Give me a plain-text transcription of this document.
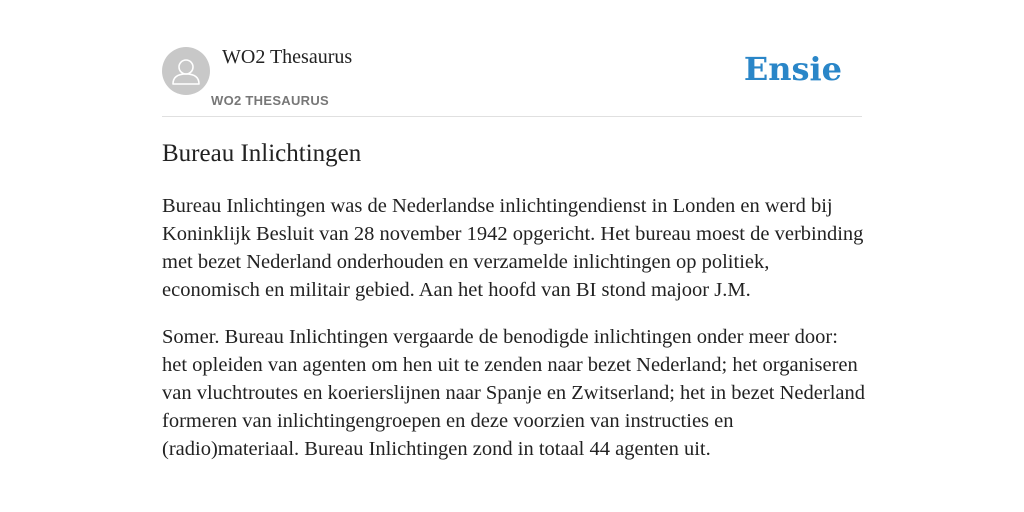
WO2 Thesaurus
WO2 THESAURUS
Ensie
Bureau Inlichtingen

Bureau Inlichtingen was de Nederlandse inlichtingendienst in Londen en werd bij Koninklijk Besluit van 28 november 1942 opgericht. Het bureau moest de verbinding met bezet Nederland onderhouden en verzamelde inlichtingen op politiek, economisch en militair gebied. Aan het hoofd van BI stond majoor J.M.

Somer. Bureau Inlichtingen vergaarde de benodigde inlichtingen onder meer door: het opleiden van agenten om hen uit te zenden naar bezet Nederland; het organiseren van vluchtroutes en koerierslijnen naar Spanje en Zwitserland; het in bezet Nederland formeren van inlichtingengroepen en deze voorzien van instructies en (radio)materiaal. Bureau Inlichtingen zond in totaal 44 agenten uit.
